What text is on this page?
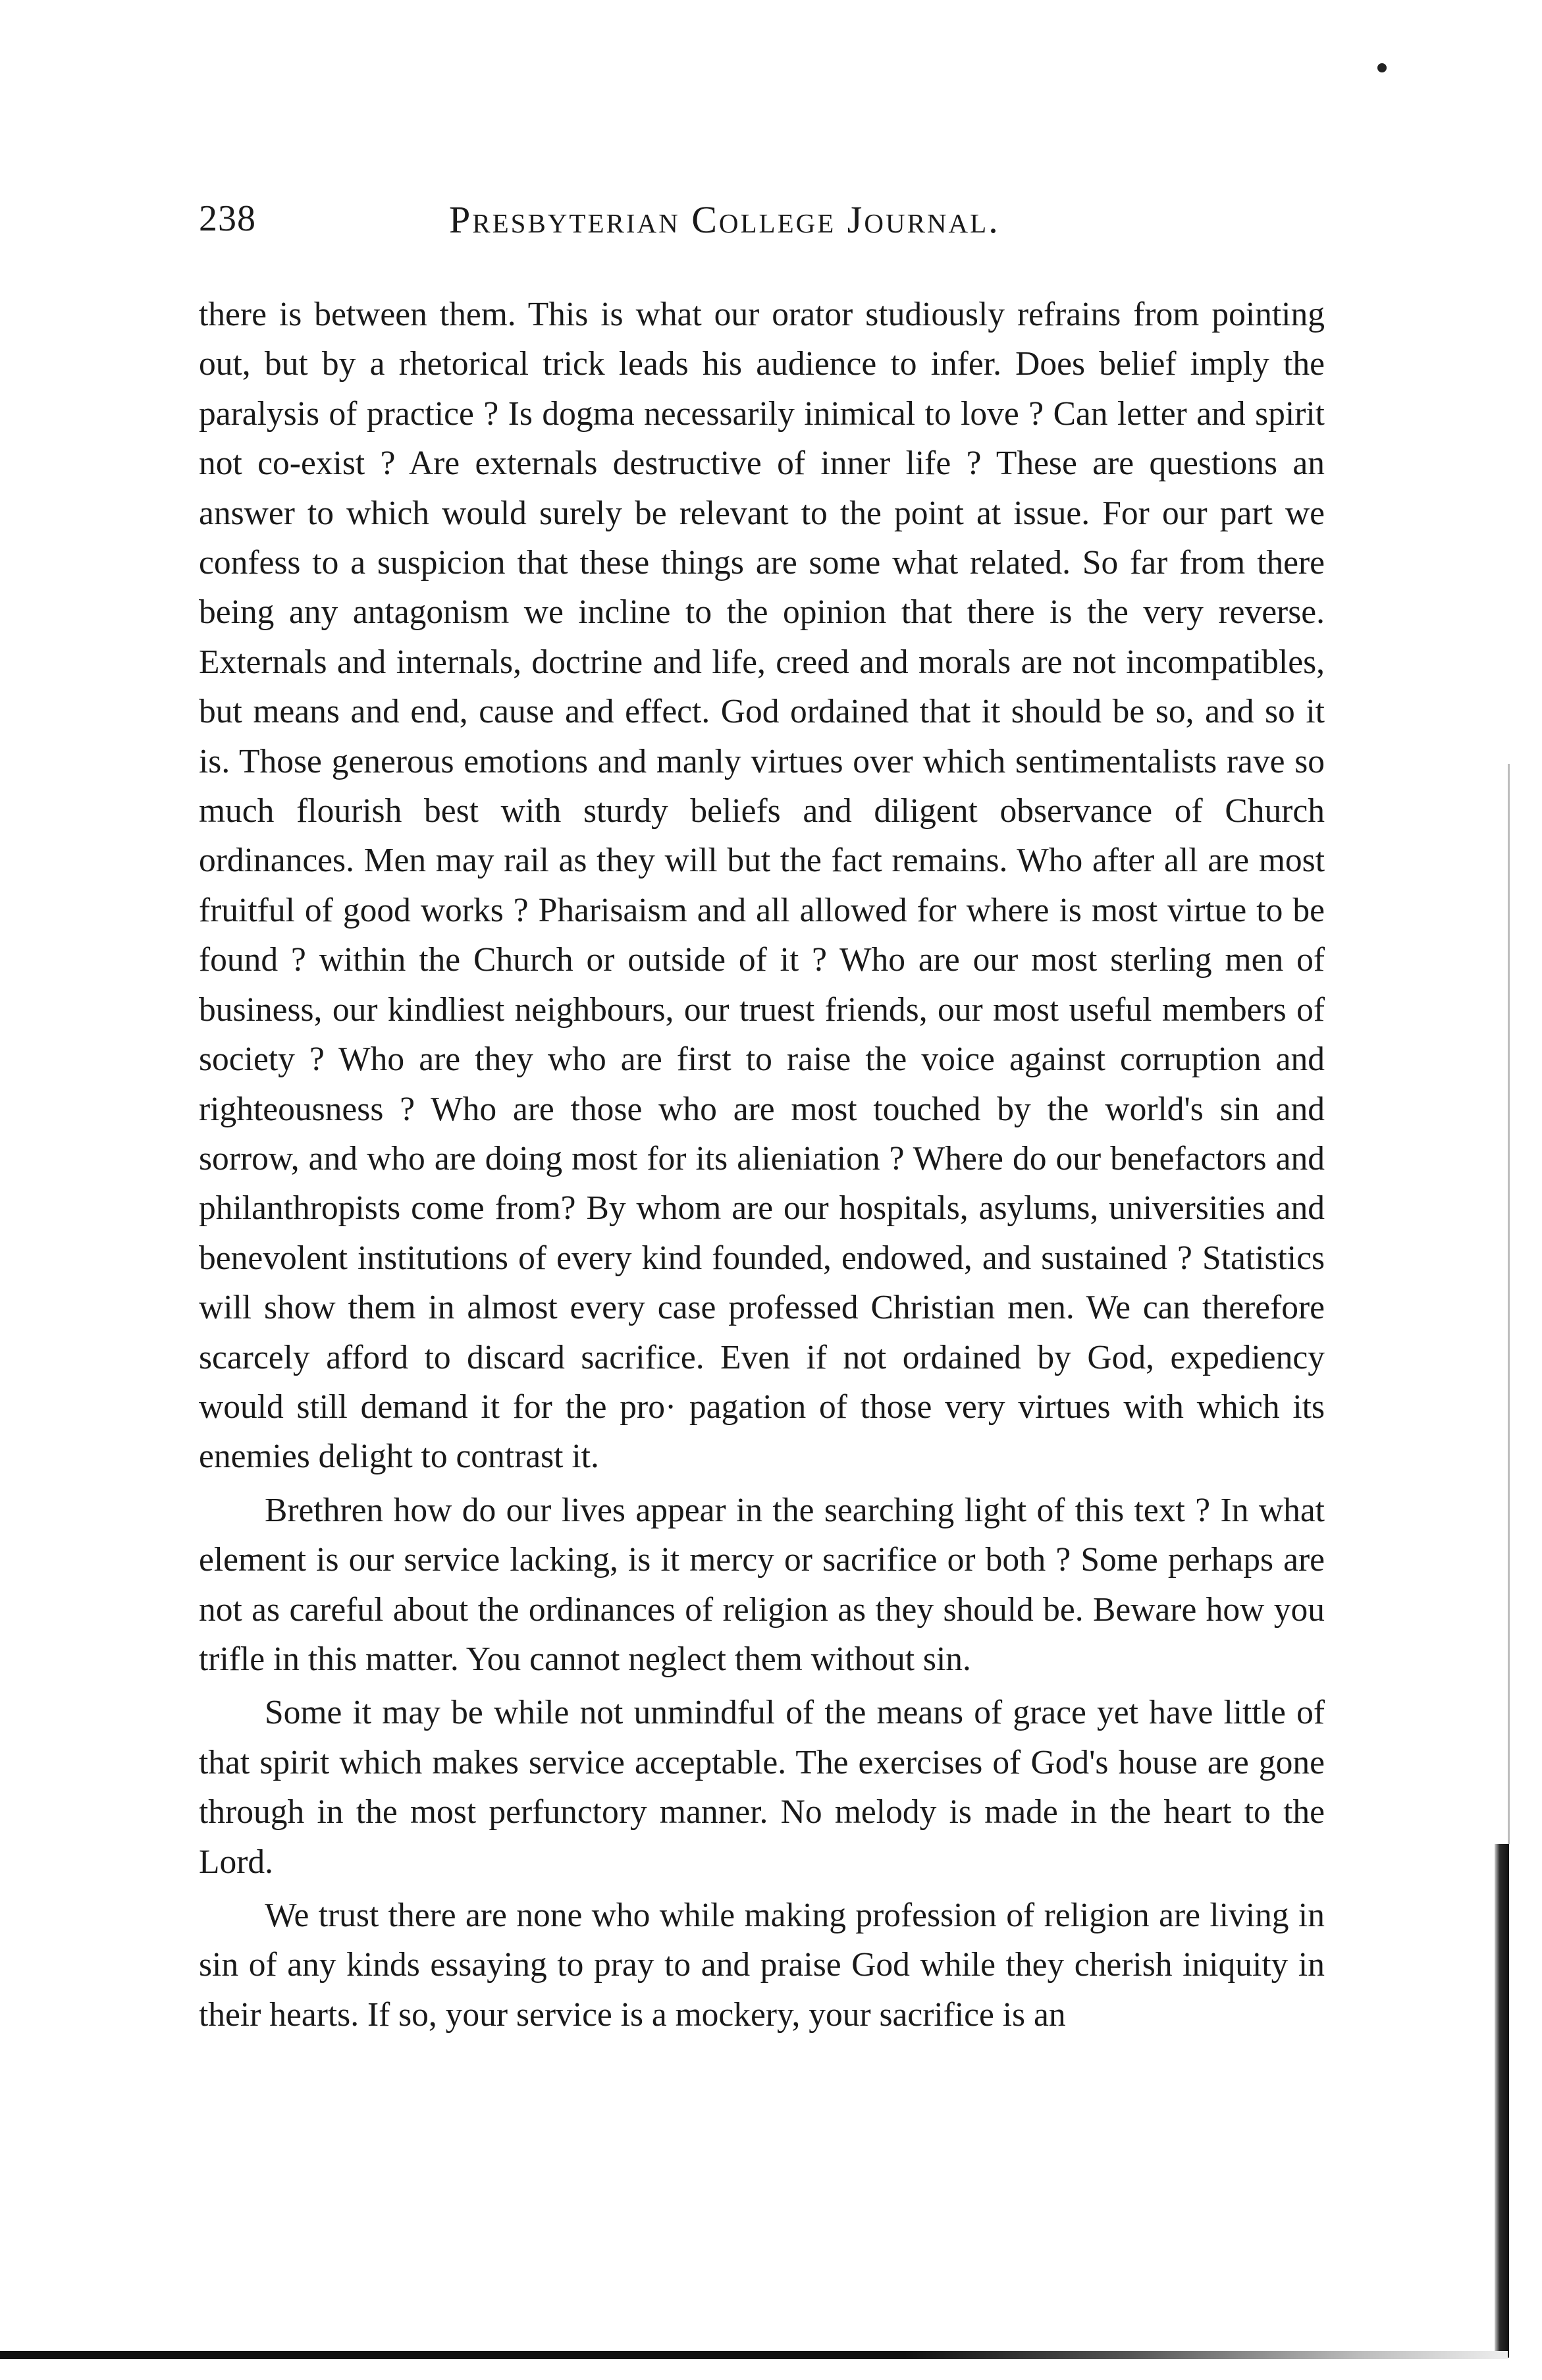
238	Presbyterian College Journal.

there is between them. This is what our orator studiously refrains from pointing out, but by a rhetorical trick leads his audience to infer. Does belief imply the paralysis of practice ? Is dogma necessarily inimical to love ? Can letter and spirit not co-exist ? Are externals destructive of inner life ? These are questions an answer to which would surely be relevant to the point at issue. For our part we confess to a suspicion that these things are some what related. So far from there being any antagonism we incline to the opinion that there is the very reverse. Externals and internals, doctrine and life, creed and morals are not incompatibles, but means and end, cause and effect. God ordained that it should be so, and so it is. Those generous emotions and manly virtues over which sentimentalists rave so much flourish best with sturdy beliefs and diligent observance of Church ordinances. Men may rail as they will but the fact remains. Who after all are most fruitful of good works ? Pharisaism and all allowed for where is most virtue to be found ? within the Church or outside of it ? Who are our most sterling men of business, our kindliest neighbours, our truest friends, our most useful members of society ? Who are they who are first to raise the voice against corruption and righteousness ? Who are those who are most touched by the world's sin and sorrow, and who are doing most for its alieniation ? Where do our benefactors and philanthropists come from? By whom are our hospitals, asylums, universities and benevolent institutions of every kind founded, endowed, and sustained ? Statistics will show them in almost every case professed Christian men. We can therefore scarcely afford to discard sacrifice. Even if not ordained by God, expediency would still demand it for the pro· pagation of those very virtues with which its enemies delight to contrast it.

Brethren how do our lives appear in the searching light of this text ? In what element is our service lacking, is it mercy or sacrifice or both ? Some perhaps are not as careful about the ordinances of religion as they should be. Beware how you trifle in this matter. You cannot neglect them without sin.

Some it may be while not unmindful of the means of grace yet have little of that spirit which makes service acceptable. The exercises of God's house are gone through in the most perfunctory manner. No melody is made in the heart to the Lord.

We trust there are none who while making profession of religion are living in sin of any kinds essaying to pray to and praise God while they cherish iniquity in their hearts. If so, your service is a mockery, your sacrifice is an
